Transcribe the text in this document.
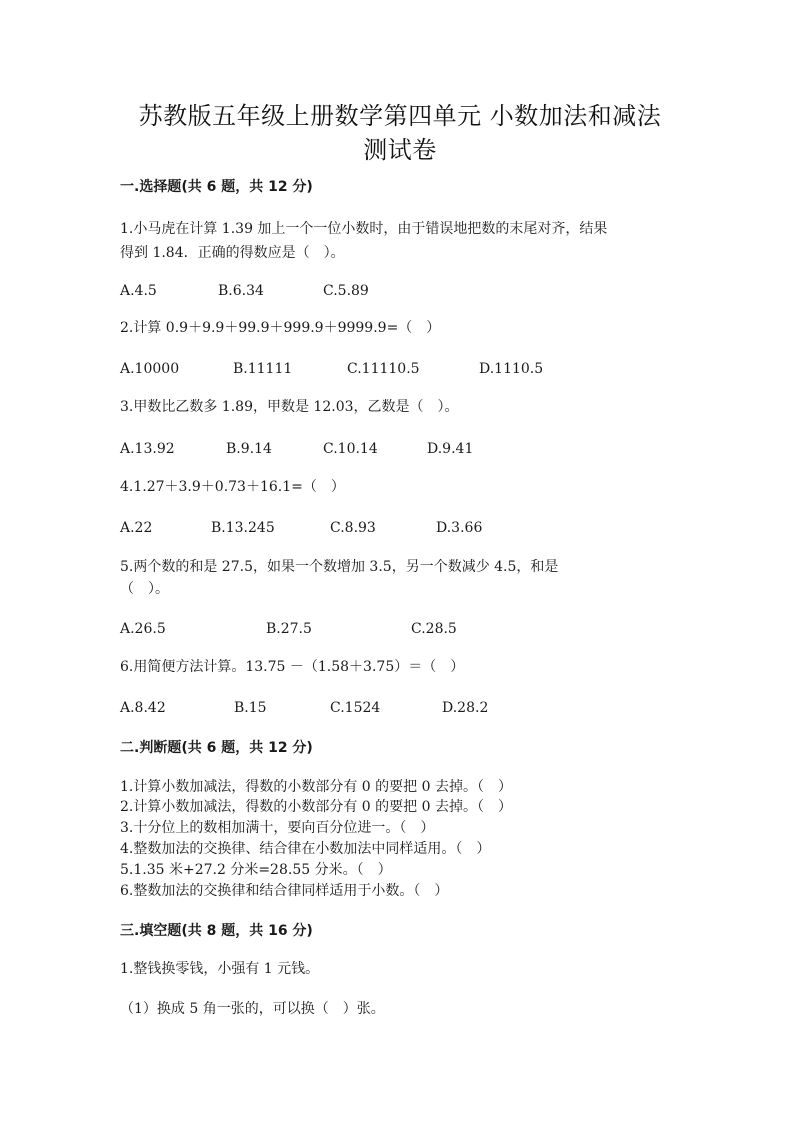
苏教版五年级上册数学第四单元 小数加法和减法
测试卷
一.选择题(共 6 题，共 12 分)
1.小马虎在计算 1.39 加上一个一位小数时，由于错误地把数的末尾对齐，结果
得到 1.84．正确的得数应是（　）。
A.4.5	B.6.34	C.5.89
2.计算 0.9＋9.9＋99.9＋999.9＋9999.9=（　）
A.10000	B.11111	C.11110.5	D.1110.5
3.甲数比乙数多 1.89，甲数是 12.03，乙数是（　）。
A.13.92	B.9.14	C.10.14	D.9.41
4.1.27＋3.9＋0.73＋16.1=（　）
A.22	B.13.245	C.8.93	D.3.66
5.两个数的和是 27.5，如果一个数增加 3.5，另一个数减少 4.5，和是
（　）。
A.26.5	B.27.5	C.28.5
6.用简便方法计算。13.75 －（1.58＋3.75）＝（　）
A.8.42	B.15	C.1524	D.28.2
二.判断题(共 6 题，共 12 分)
1.计算小数加减法，得数的小数部分有 0 的要把 0 去掉。（　）
2.计算小数加减法，得数的小数部分有 0 的要把 0 去掉。（　）
3.十分位上的数相加满十，要向百分位进一。（　）
4.整数加法的交换律、结合律在小数加法中同样适用。（　）
5.1.35 米+27.2 分米=28.55 分米。（　）
6.整数加法的交换律和结合律同样适用于小数。（　）
三.填空题(共 8 题，共 16 分)
1.整钱换零钱，小强有 1 元钱。
（1）换成 5 角一张的，可以换（　）张。
